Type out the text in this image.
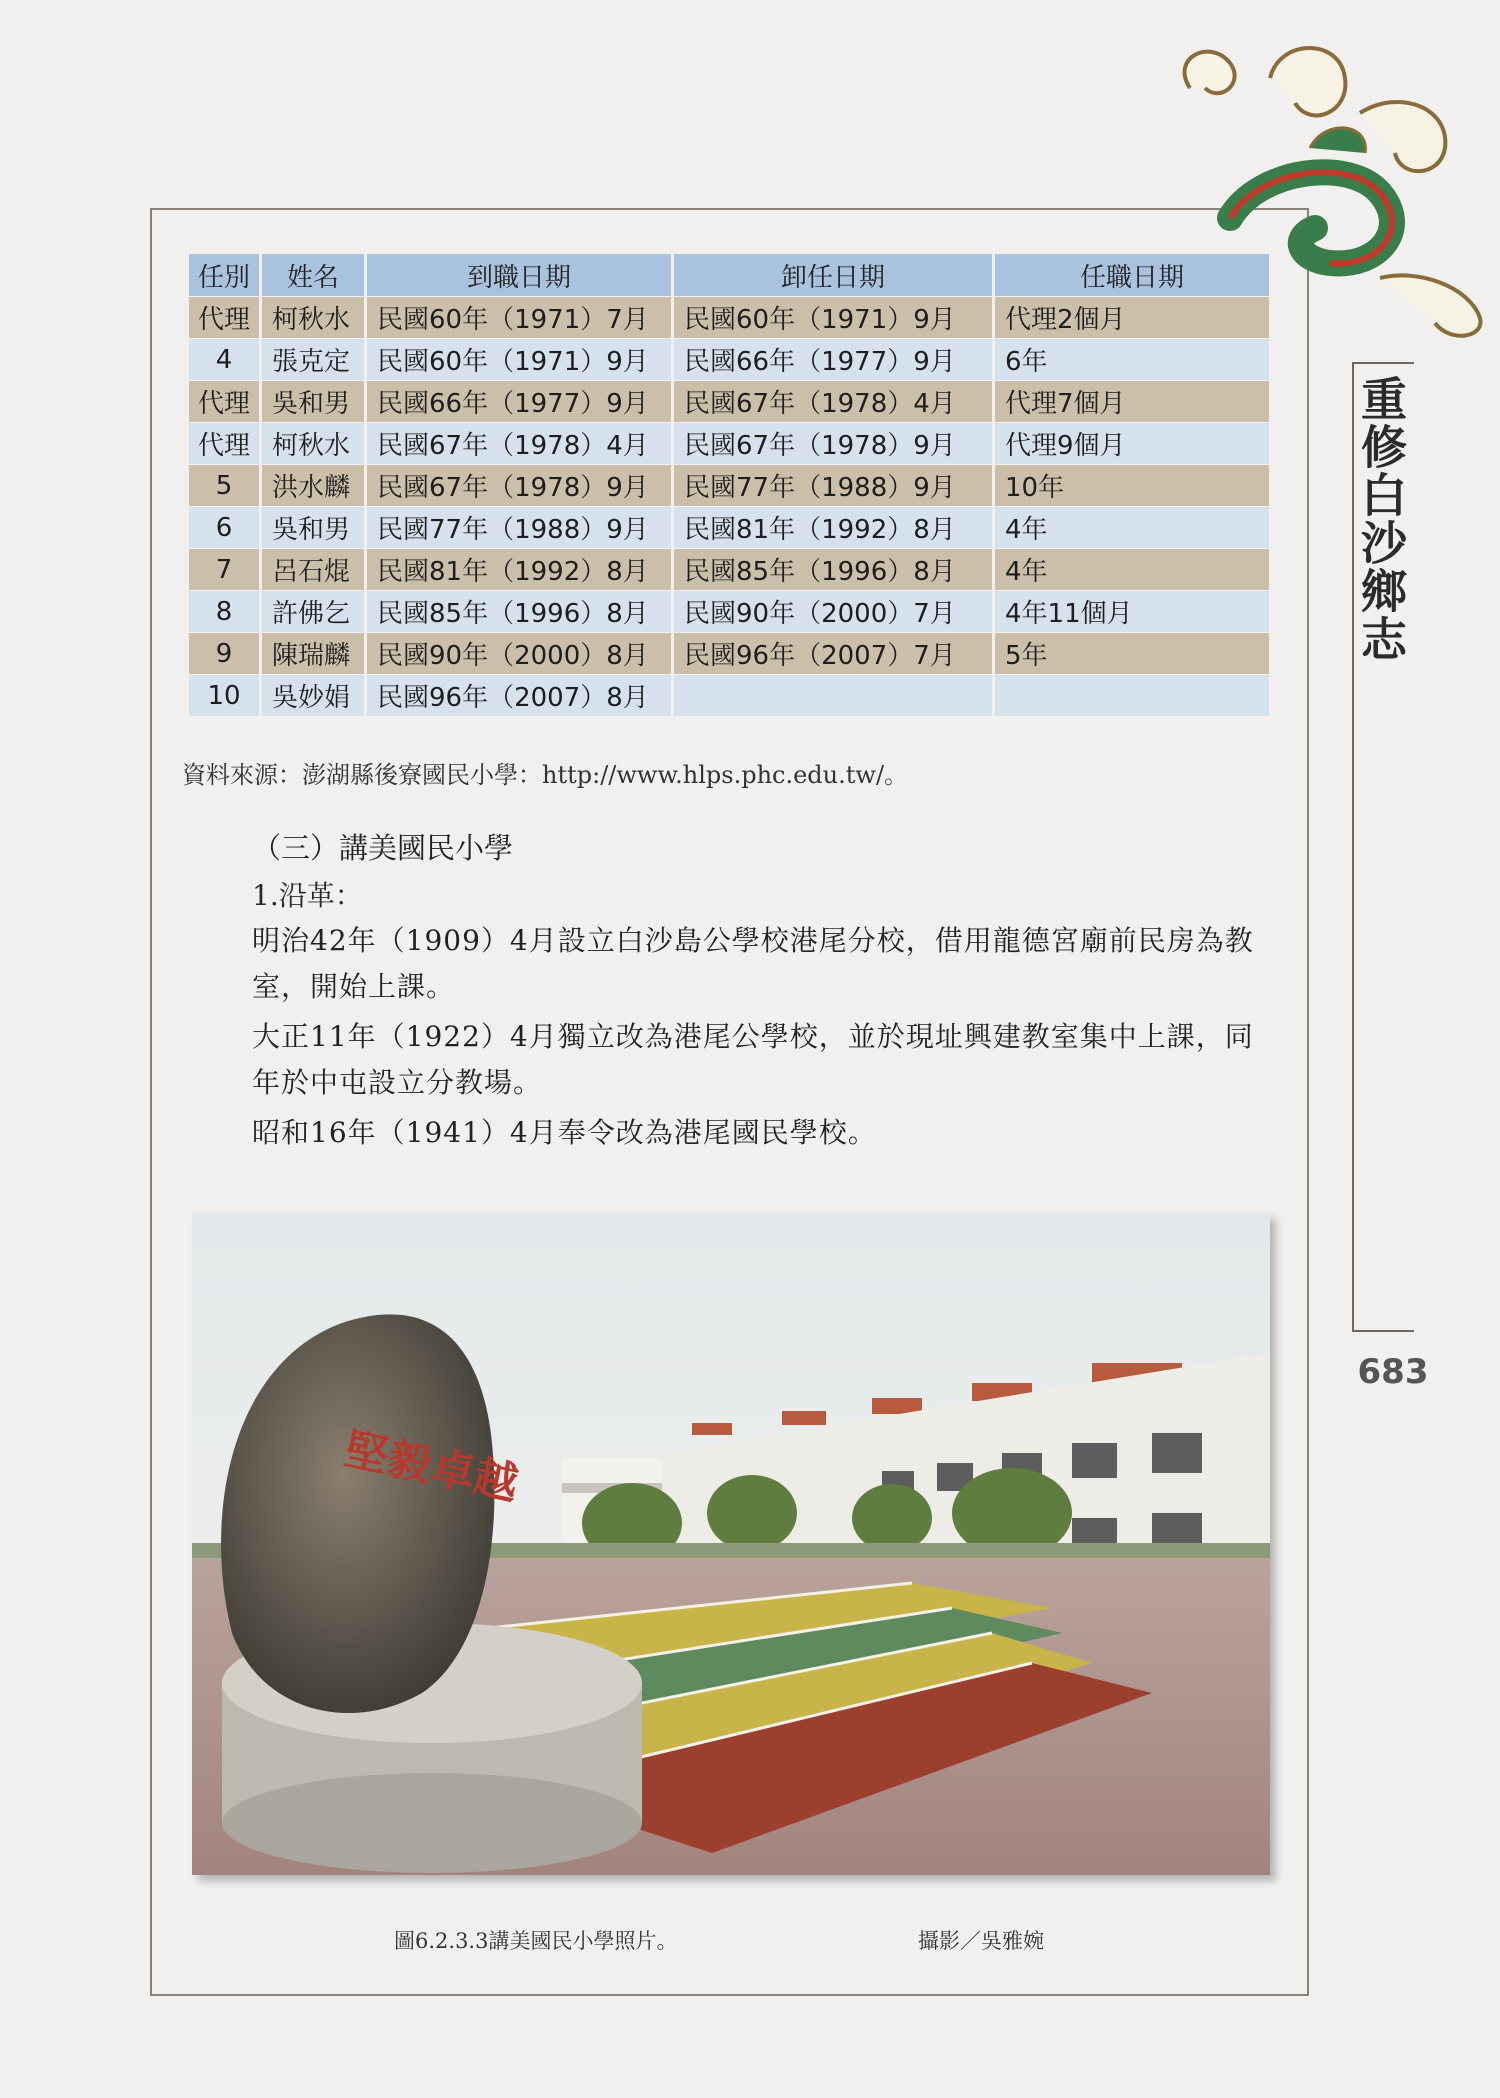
重修白沙鄉志
683
任別	姓名	到職日期	卸任日期	任職日期
代理	柯秋水	民國60年（1971）7月	民國60年（1971）9月	代理2個月
4	張克定	民國60年（1971）9月	民國66年（1977）9月	6年
代理	吳和男	民國66年（1977）9月	民國67年（1978）4月	代理7個月
代理	柯秋水	民國67年（1978）4月	民國67年（1978）9月	代理9個月
5	洪水麟	民國67年（1978）9月	民國77年（1988）9月	10年
6	吳和男	民國77年（1988）9月	民國81年（1992）8月	4年
7	呂石焜	民國81年（1992）8月	民國85年（1996）8月	4年
8	許佛乞	民國85年（1996）8月	民國90年（2000）7月	4年11個月
9	陳瑞麟	民國90年（2000）8月	民國96年（2007）7月	5年
10	吳妙娟	民國96年（2007）8月		
資料來源：澎湖縣後寮國民小學：http://www.hlps.phc.edu.tw/。
（三）講美國民小學
1.沿革：
明治42年（1909）4月設立白沙島公學校港尾分校，借用龍德宮廟前民房為教室，開始上課。
大正11年（1922）4月獨立改為港尾公學校，並於現址興建教室集中上課，同年於中屯設立分教場。
昭和16年（1941）4月奉令改為港尾國民學校。
堅毅卓越
圖6.2.3.3講美國民小學照片。	攝影／吳雅婉
